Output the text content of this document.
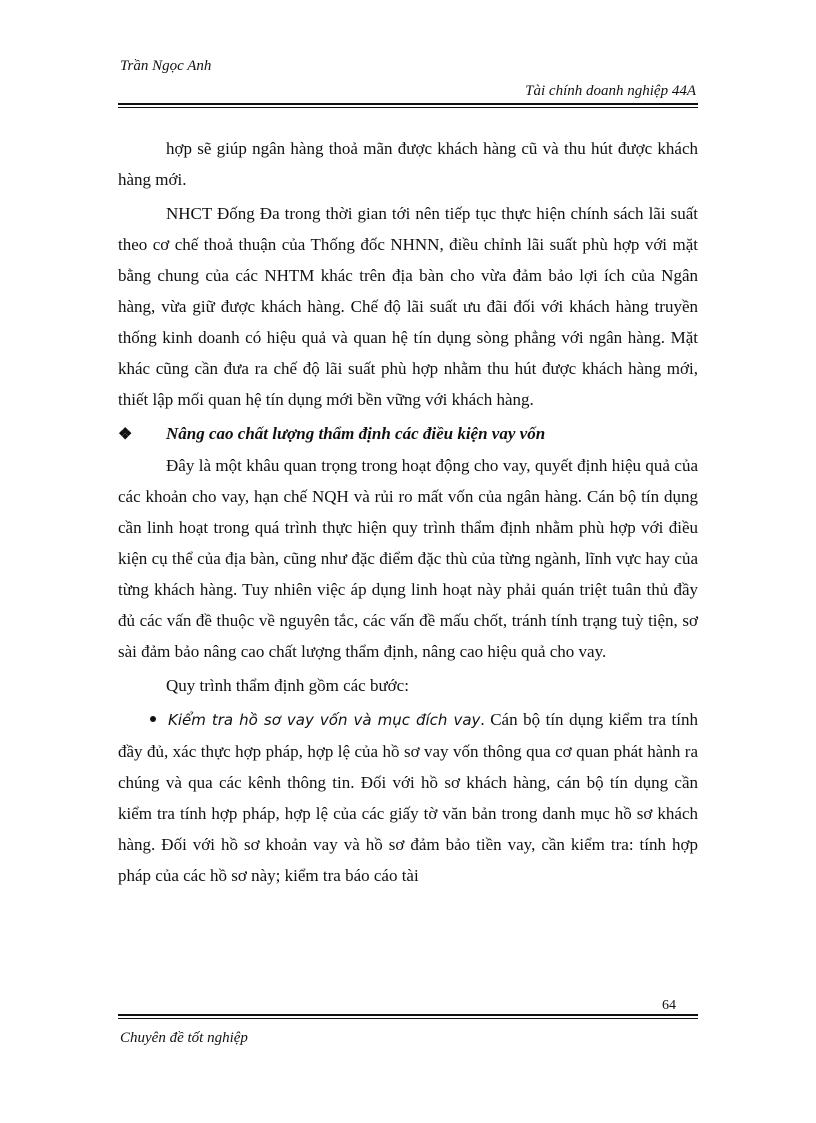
Trần Ngọc Anh
Tài chính doanh nghiệp 44A

hợp sẽ giúp ngân hàng thoả mãn được khách hàng cũ và thu hút được khách hàng mới.

NHCT Đống Đa trong thời gian tới nên tiếp tục thực hiện chính sách lãi suất theo cơ chế thoả thuận của Thống đốc NHNN, điều chỉnh lãi suất phù hợp với mặt bằng chung của các NHTM khác trên địa bàn cho vừa đảm bảo lợi ích của Ngân hàng, vừa giữ được khách hàng. Chế độ lãi suất ưu đãi đối với khách hàng truyền thống kinh doanh có hiệu quả và quan hệ tín dụng sòng phẳng với ngân hàng. Mặt khác cũng cần đưa ra chế độ lãi suất phù hợp nhằm thu hút được khách hàng mới, thiết lập mối quan hệ tín dụng mới bền vững với khách hàng.

❖	Nâng cao chất lượng thẩm định các điều kiện vay vốn

Đây là một khâu quan trọng trong hoạt động cho vay, quyết định hiệu quả của các khoản cho vay, hạn chế NQH và rủi ro mất vốn của ngân hàng. Cán bộ tín dụng cần linh hoạt trong quá trình thực hiện quy trình thẩm định nhằm phù hợp với điều kiện cụ thể của địa bàn, cũng như đặc điểm đặc thù của từng ngành, lĩnh vực hay của từng khách hàng. Tuy nhiên việc áp dụng linh hoạt này phải quán triệt tuân thủ đầy đủ các vấn đề thuộc về nguyên tắc, các vấn đề mấu chốt, tránh tính trạng tuỳ tiện, sơ sài đảm bảo nâng cao chất lượng thẩm định, nâng cao hiệu quả cho vay.

Quy trình thẩm định gồm các bước:

Kiểm tra hồ sơ vay vốn và mục đích vay. Cán bộ tín dụng kiểm tra tính đầy đủ, xác thực hợp pháp, hợp lệ của hồ sơ vay vốn thông qua cơ quan phát hành ra chúng và qua các kênh thông tin. Đối với hồ sơ khách hàng, cán bộ tín dụng cần kiểm tra tính hợp pháp, hợp lệ của các giấy tờ văn bản trong danh mục hồ sơ khách hàng. Đối với hồ sơ khoản vay và hồ sơ đảm bảo tiền vay, cần kiểm tra: tính hợp pháp của các hồ sơ này; kiểm tra báo cáo tài

64
Chuyên đề tốt nghiệp
